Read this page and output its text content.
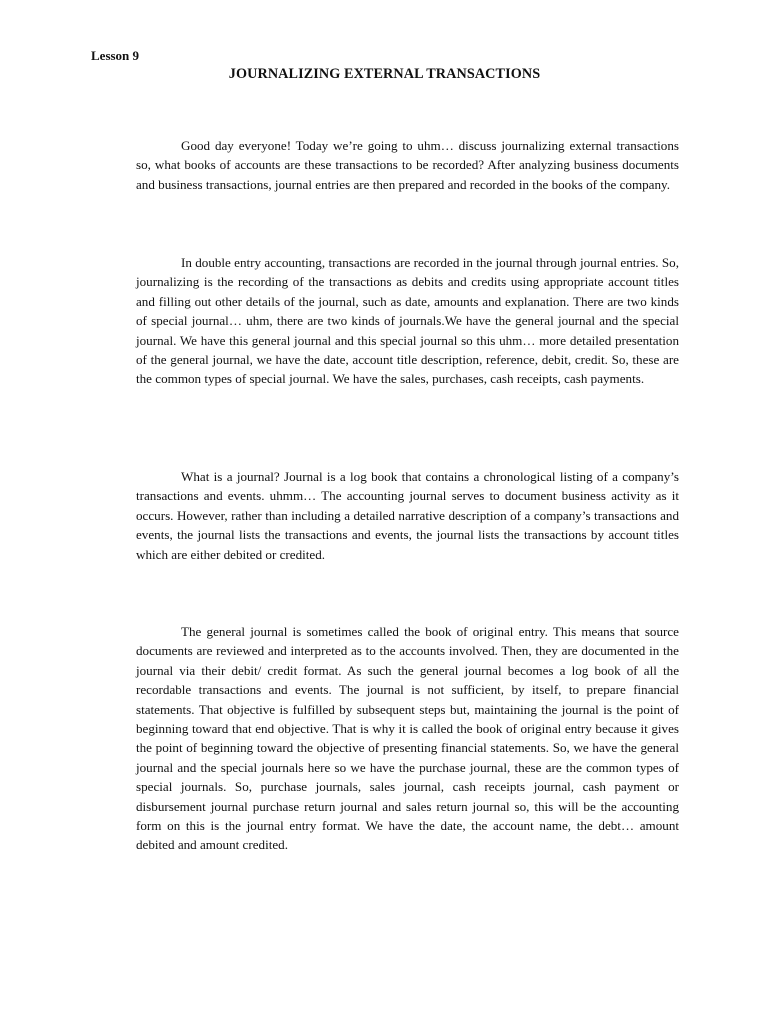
Lesson 9
JOURNALIZING EXTERNAL TRANSACTIONS

Good day everyone! Today we’re going to uhm… discuss journalizing external transactions so, what books of accounts are these transactions to be recorded? After analyzing business documents and business transactions, journal entries are then prepared and recorded in the books of the company.

In double entry accounting, transactions are recorded in the journal through journal entries. So, journalizing is the recording of the transactions as debits and credits using appropriate account titles and filling out other details of the journal, such as date, amounts and explanation. There are two kinds of special journal… uhm, there are two kinds of journals.We have the general journal and the special journal. We have this general journal and this special journal so this uhm… more detailed presentation of the general journal, we have the date, account title description, reference, debit, credit. So, these are the common types of special journal. We have the sales, purchases, cash receipts, cash payments.

What is a journal? Journal is a log book that contains a chronological listing of a company’s transactions and events. uhmm… The accounting journal serves to document business activity as it occurs. However, rather than including a detailed narrative description of a company’s transactions and events, the journal lists the transactions and events, the journal lists the transactions by account titles which are either debited or credited.

The general journal is sometimes called the book of original entry. This means that source documents are reviewed and interpreted as to the accounts involved. Then, they are documented in the journal via their debit/ credit format. As such the general journal becomes a log book of all the recordable transactions and events. The journal is not sufficient, by itself, to prepare financial statements. That objective is fulfilled by subsequent steps but, maintaining the journal is the point of beginning toward that end objective. That is why it is called the book of original entry because it gives the point of beginning toward the objective of presenting financial statements. So, we have the general journal and the special journals here so we have the purchase journal, these are the common types of special journals. So, purchase journals, sales journal, cash receipts journal, cash payment or disbursement journal purchase return journal and sales return journal so, this will be the accounting form on this is the journal entry format. We have the date, the account name, the debt… amount debited and amount credited.
